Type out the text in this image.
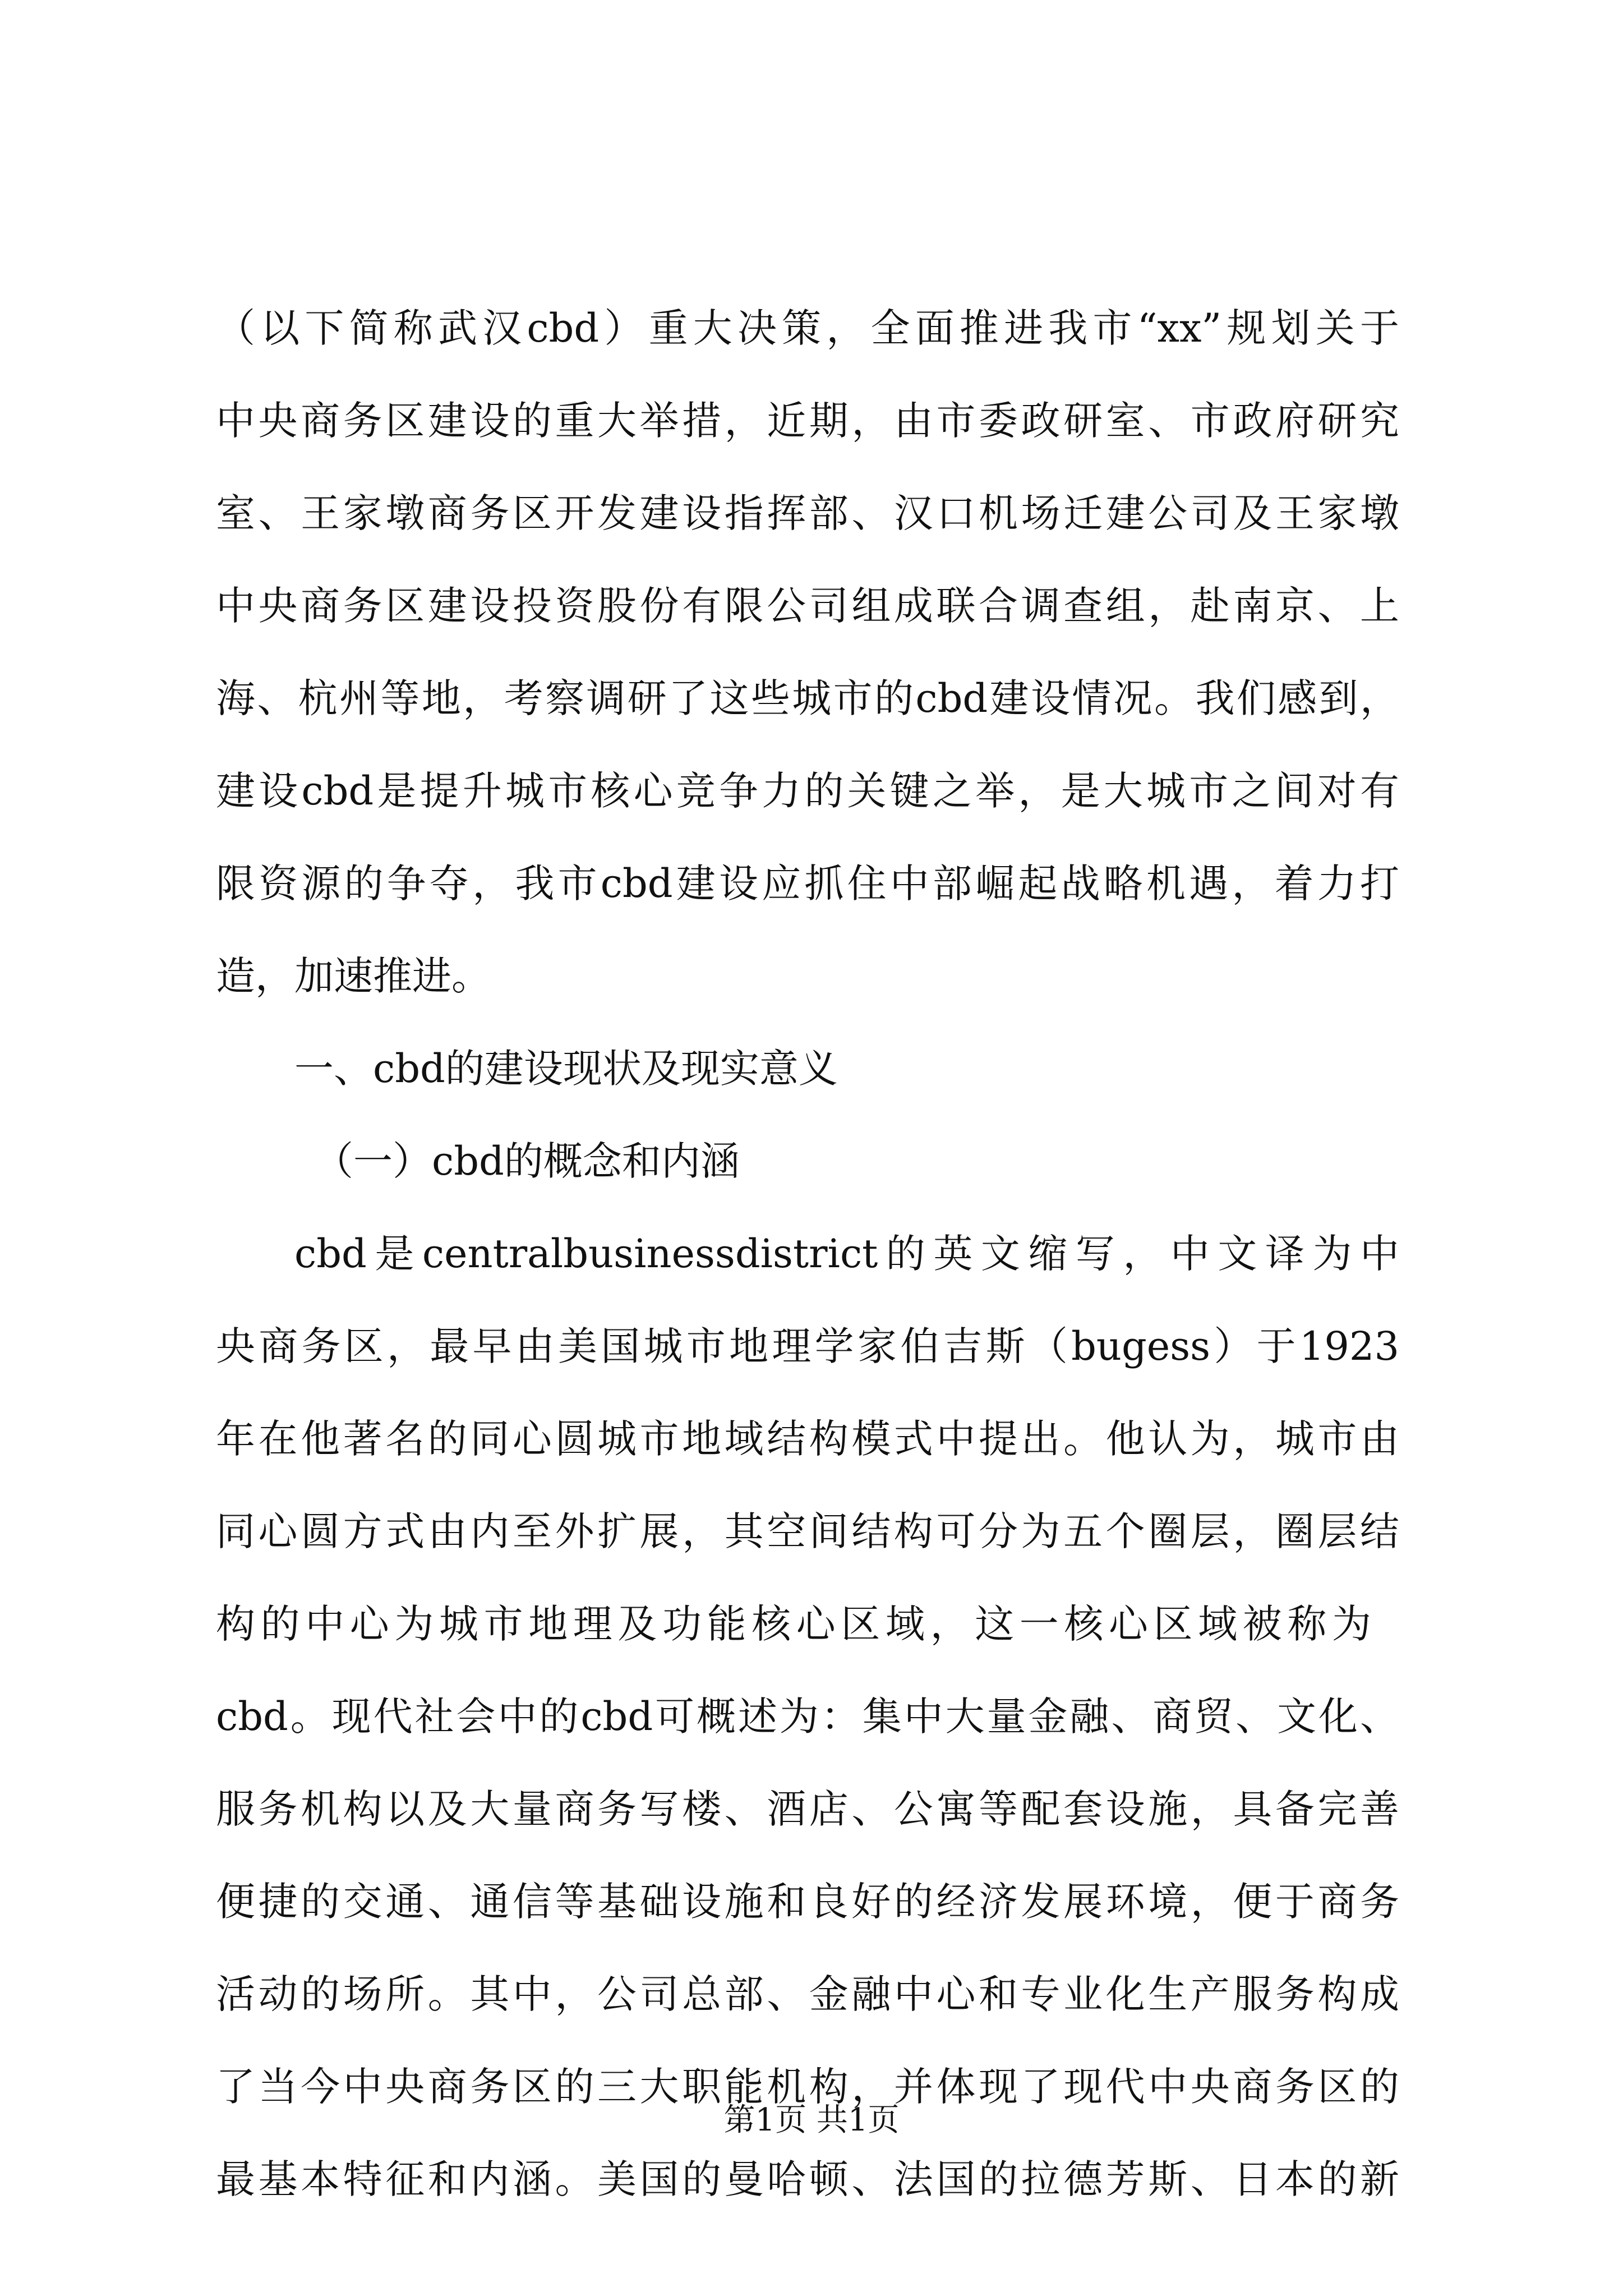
（以下简称武汉cbd）重大决策，全面推进我市“xx”规划关于
中央商务区建设的重大举措，近期，由市委政研室、市政府研究
室、王家墩商务区开发建设指挥部、汉口机场迁建公司及王家墩
中央商务区建设投资股份有限公司组成联合调查组，赴南京、上
海、杭州等地，考察调研了这些城市的cbd建设情况。我们感到，
建设cbd是提升城市核心竞争力的关键之举，是大城市之间对有
限资源的争夺，我市cbd建设应抓住中部崛起战略机遇，着力打
造，加速推进。
一、cbd的建设现状及现实意义
（一）cbd的概念和内涵
cbd是centralbusinessdistrict的英文缩写，中文译为中
央商务区，最早由美国城市地理学家伯吉斯（bugess）于1923
年在他著名的同心圆城市地域结构模式中提出。他认为，城市由
同心圆方式由内至外扩展，其空间结构可分为五个圈层，圈层结
构的中心为城市地理及功能核心区域，这一核心区域被称为
cbd。现代社会中的cbd可概述为：集中大量金融、商贸、文化、
服务机构以及大量商务写楼、酒店、公寓等配套设施，具备完善
便捷的交通、通信等基础设施和良好的经济发展环境，便于商务
活动的场所。其中，公司总部、金融中心和专业化生产服务构成
了当今中央商务区的三大职能机构，并体现了现代中央商务区的
最基本特征和内涵。美国的曼哈顿、法国的拉德芳斯、日本的新
第1页 共1页
